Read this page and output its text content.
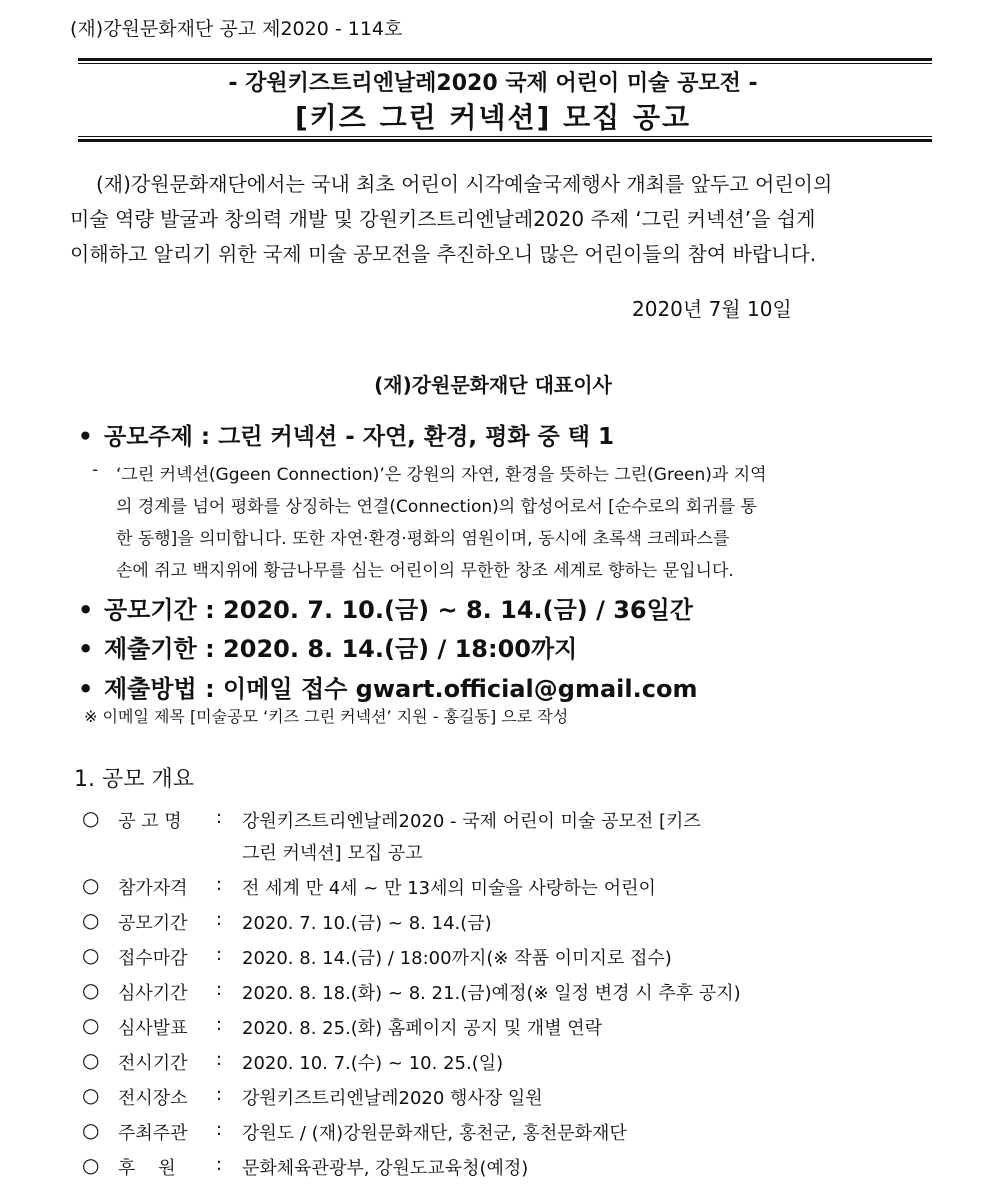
(재)강원문화재단 공고 제2020 - 114호
- 강원키즈트리엔날레2020 국제 어린이 미술 공모전 -
[키즈 그린 커넥션] 모집 공고
(재)강원문화재단에서는 국내 최초 어린이 시각예술국제행사 개최를 앞두고 어린이의
미술 역량 발굴과 창의력 개발 및 강원키즈트리엔날레2020 주제 ‘그린 커넥션’을 쉽게
이해하고 알리기 위한 국제 미술 공모전을 추진하오니 많은 어린이들의 참여 바랍니다.
2020년 7월 10일
(재)강원문화재단 대표이사
• 공모주제 : 그린 커넥션 - 자연, 환경, 평화 중 택 1
- ‘그린 커넥션(Ggeen Connection)’은 강원의 자연, 환경을 뜻하는 그린(Green)과 지역
의 경계를 넘어 평화를 상징하는 연결(Connection)의 합성어로서 [순수로의 회귀를 통
한 동행]을 의미합니다. 또한 자연·환경·평화의 염원이며, 동시에 초록색 크레파스를
손에 쥐고 백지위에 황금나무를 심는 어린이의 무한한 창조 세계로 향하는 문입니다.
• 공모기간 : 2020. 7. 10.(금) ~ 8. 14.(금) / 36일간
• 제출기한 : 2020. 8. 14.(금) / 18:00까지
• 제출방법 : 이메일 접수 gwart.official@gmail.com
※ 이메일 제목 [미술공모 ‘키즈 그린 커넥션’ 지원 - 홍길동] 으로 작성
1. 공모 개요
○ 공 고 명 : 강원키즈트리엔날레2020 - 국제 어린이 미술 공모전 [키즈
그린 커넥션] 모집 공고
○ 참가자격 : 전 세계 만 4세 ~ 만 13세의 미술을 사랑하는 어린이
○ 공모기간 : 2020. 7. 10.(금) ~ 8. 14.(금)
○ 접수마감 : 2020. 8. 14.(금) / 18:00까지(※ 작품 이미지로 접수)
○ 심사기간 : 2020. 8. 18.(화) ~ 8. 21.(금)예정(※ 일정 변경 시 추후 공지)
○ 심사발표 : 2020. 8. 25.(화) 홈페이지 공지 및 개별 연락
○ 전시기간 : 2020. 10. 7.(수) ~ 10. 25.(일)
○ 전시장소 : 강원키즈트리엔날레2020 행사장 일원
○ 주최주관 : 강원도 / (재)강원문화재단, 홍천군, 홍천문화재단
○ 후    원 : 문화체육관광부, 강원도교육청(예정)
